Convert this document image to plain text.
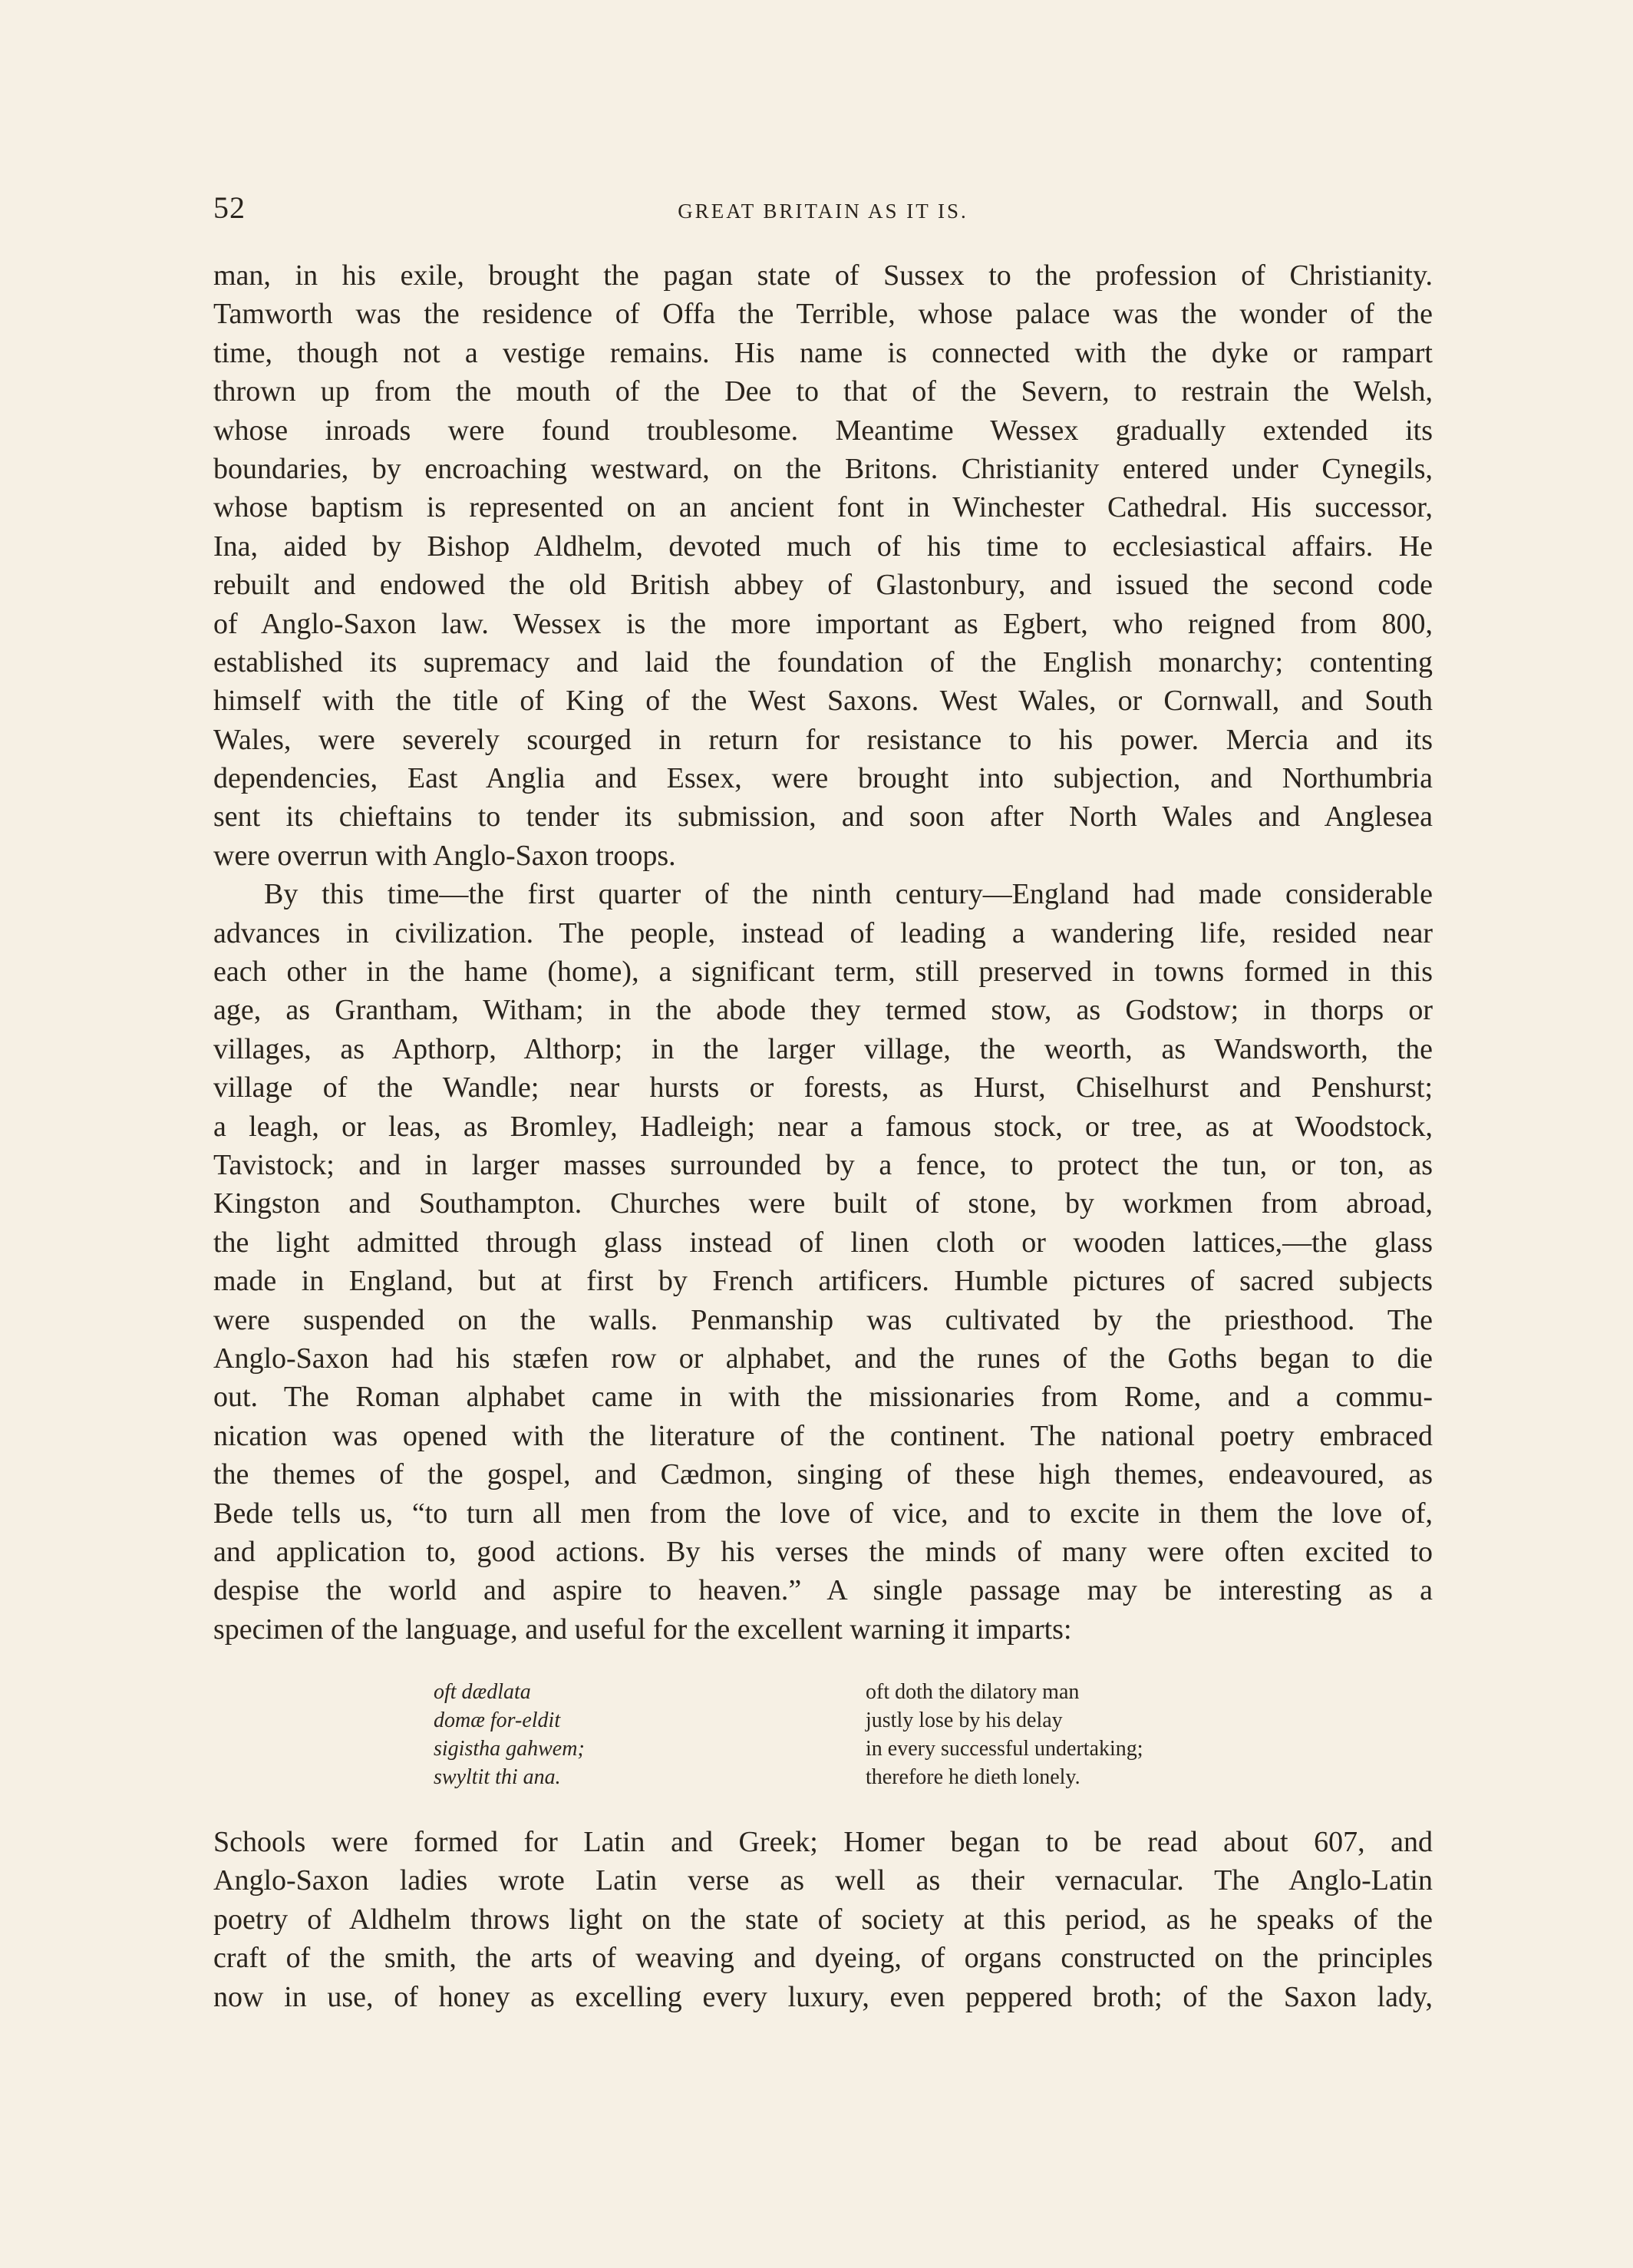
52	GREAT BRITAIN AS IT IS.
man, in his exile, brought the pagan state of Sussex to the profession of Christianity.
Tamworth was the residence of Offa the Terrible, whose palace was the wonder of the
time, though not a vestige remains. His name is connected with the dyke or rampart
thrown up from the mouth of the Dee to that of the Severn, to restrain the Welsh,
whose inroads were found troublesome. Meantime Wessex gradually extended its
boundaries, by encroaching westward, on the Britons. Christianity entered under Cynegils,
whose baptism is represented on an ancient font in Winchester Cathedral. His successor,
Ina, aided by Bishop Aldhelm, devoted much of his time to ecclesiastical affairs. He
rebuilt and endowed the old British abbey of Glastonbury, and issued the second code
of Anglo-Saxon law. Wessex is the more important as Egbert, who reigned from 800,
established its supremacy and laid the foundation of the English monarchy; contenting
himself with the title of King of the West Saxons. West Wales, or Cornwall, and South
Wales, were severely scourged in return for resistance to his power. Mercia and its
dependencies, East Anglia and Essex, were brought into subjection, and Northumbria
sent its chieftains to tender its submission, and soon after North Wales and Anglesea
were overrun with Anglo-Saxon troops.
By this time—the first quarter of the ninth century—England had made considerable
advances in civilization. The people, instead of leading a wandering life, resided near
each other in the hame (home), a significant term, still preserved in towns formed in this
age, as Grantham, Witham; in the abode they termed stow, as Godstow; in thorps or
villages, as Apthorp, Althorp; in the larger village, the weorth, as Wandsworth, the
village of the Wandle; near hursts or forests, as Hurst, Chiselhurst and Penshurst;
a leagh, or leas, as Bromley, Hadleigh; near a famous stock, or tree, as at Woodstock,
Tavistock; and in larger masses surrounded by a fence, to protect the tun, or ton, as
Kingston and Southampton. Churches were built of stone, by workmen from abroad,
the light admitted through glass instead of linen cloth or wooden lattices,—the glass
made in England, but at first by French artificers. Humble pictures of sacred subjects
were suspended on the walls. Penmanship was cultivated by the priesthood. The
Anglo-Saxon had his stæfen row or alphabet, and the runes of the Goths began to die
out. The Roman alphabet came in with the missionaries from Rome, and a commu-
nication was opened with the literature of the continent. The national poetry embraced
the themes of the gospel, and Cædmon, singing of these high themes, endeavoured, as
Bede tells us, “to turn all men from the love of vice, and to excite in them the love of,
and application to, good actions. By his verses the minds of many were often excited to
despise the world and aspire to heaven.” A single passage may be interesting as a
specimen of the language, and useful for the excellent warning it imparts:
oft dædlata	oft doth the dilatory man
domæ for-eldit	justly lose by his delay
sigistha gahwem;	in every successful undertaking;
swyltit thi ana.	therefore he dieth lonely.
Schools were formed for Latin and Greek; Homer began to be read about 607, and
Anglo-Saxon ladies wrote Latin verse as well as their vernacular. The Anglo-Latin
poetry of Aldhelm throws light on the state of society at this period, as he speaks of the
craft of the smith, the arts of weaving and dyeing, of organs constructed on the principles
now in use, of honey as excelling every luxury, even peppered broth; of the Saxon lady,
